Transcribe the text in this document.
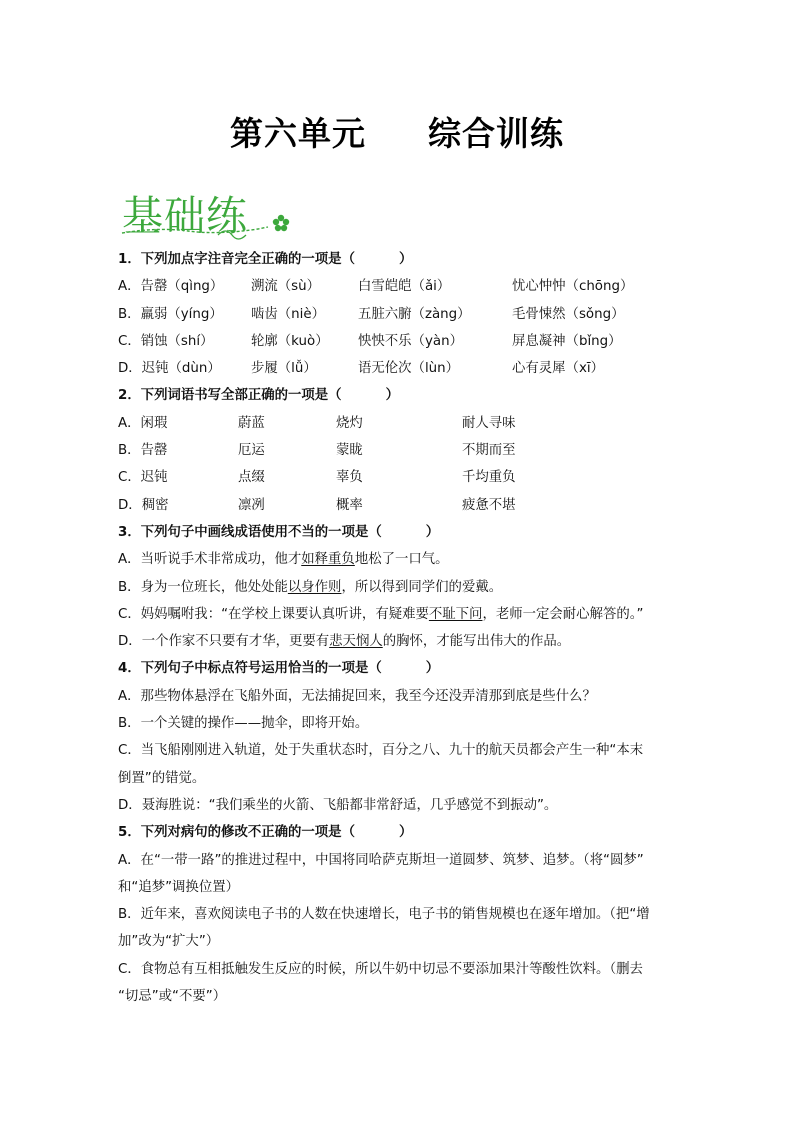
第六单元 综合训练
基础练
1．下列加点字注音完全正确的一项是（	）
A．告罄（qìng） 溯流（sù）	白雪皑皑（ǎi）	忧心忡忡（chōng）
B．羸弱（yíng） 啮齿（niè） 五脏六腑（zàng）	毛骨悚然（sǒng）
C．销蚀（shí）	轮廓（kuò） 怏怏不乐（yàn）	屏息凝神（bǐng）
D．迟钝（dùn） 步履（lǚ）	语无伦次（lùn）	心有灵犀（xī）
2．下列词语书写全部正确的一项是（	）
A．闲瑕	蔚蓝	烧灼	耐人寻味
B．告罄	厄运	蒙眬	不期而至
C．迟钝	点缀	辜负	千均重负
D．稠密	凛冽	概率	疲惫不堪
3．下列句子中画线成语使用不当的一项是（	）
A．当听说手术非常成功，他才如释重负地松了一口气。
B．身为一位班长，他处处能以身作则，所以得到同学们的爱戴。
C．妈妈嘱咐我：“在学校上课要认真听讲，有疑难要不耻下问，老师一定会耐心解答的。”
D．一个作家不只要有才华，更要有悲天悯人的胸怀，才能写出伟大的作品。
4．下列句子中标点符号运用恰当的一项是（	）
A．那些物体悬浮在飞船外面，无法捕捉回来，我至今还没弄清那到底是些什么？
B．一个关键的操作——抛伞，即将开始。
C．当飞船刚刚进入轨道，处于失重状态时，百分之八、九十的航天员都会产生一种“本末
倒置”的错觉。
D．聂海胜说：“我们乘坐的火箭、飞船都非常舒适，几乎感觉不到振动”。
5．下列对病句的修改不正确的一项是（	）
A．在“一带一路”的推进过程中，中国将同哈萨克斯坦一道圆梦、筑梦、追梦。（将“圆梦”
和“追梦”调换位置）
B．近年来，喜欢阅读电子书的人数在快速增长，电子书的销售规模也在逐年增加。（把“增
加”改为“扩大”）
C．食物总有互相抵触发生反应的时候，所以牛奶中切忌不要添加果汁等酸性饮料。（删去
“切忌”或“不要”）
